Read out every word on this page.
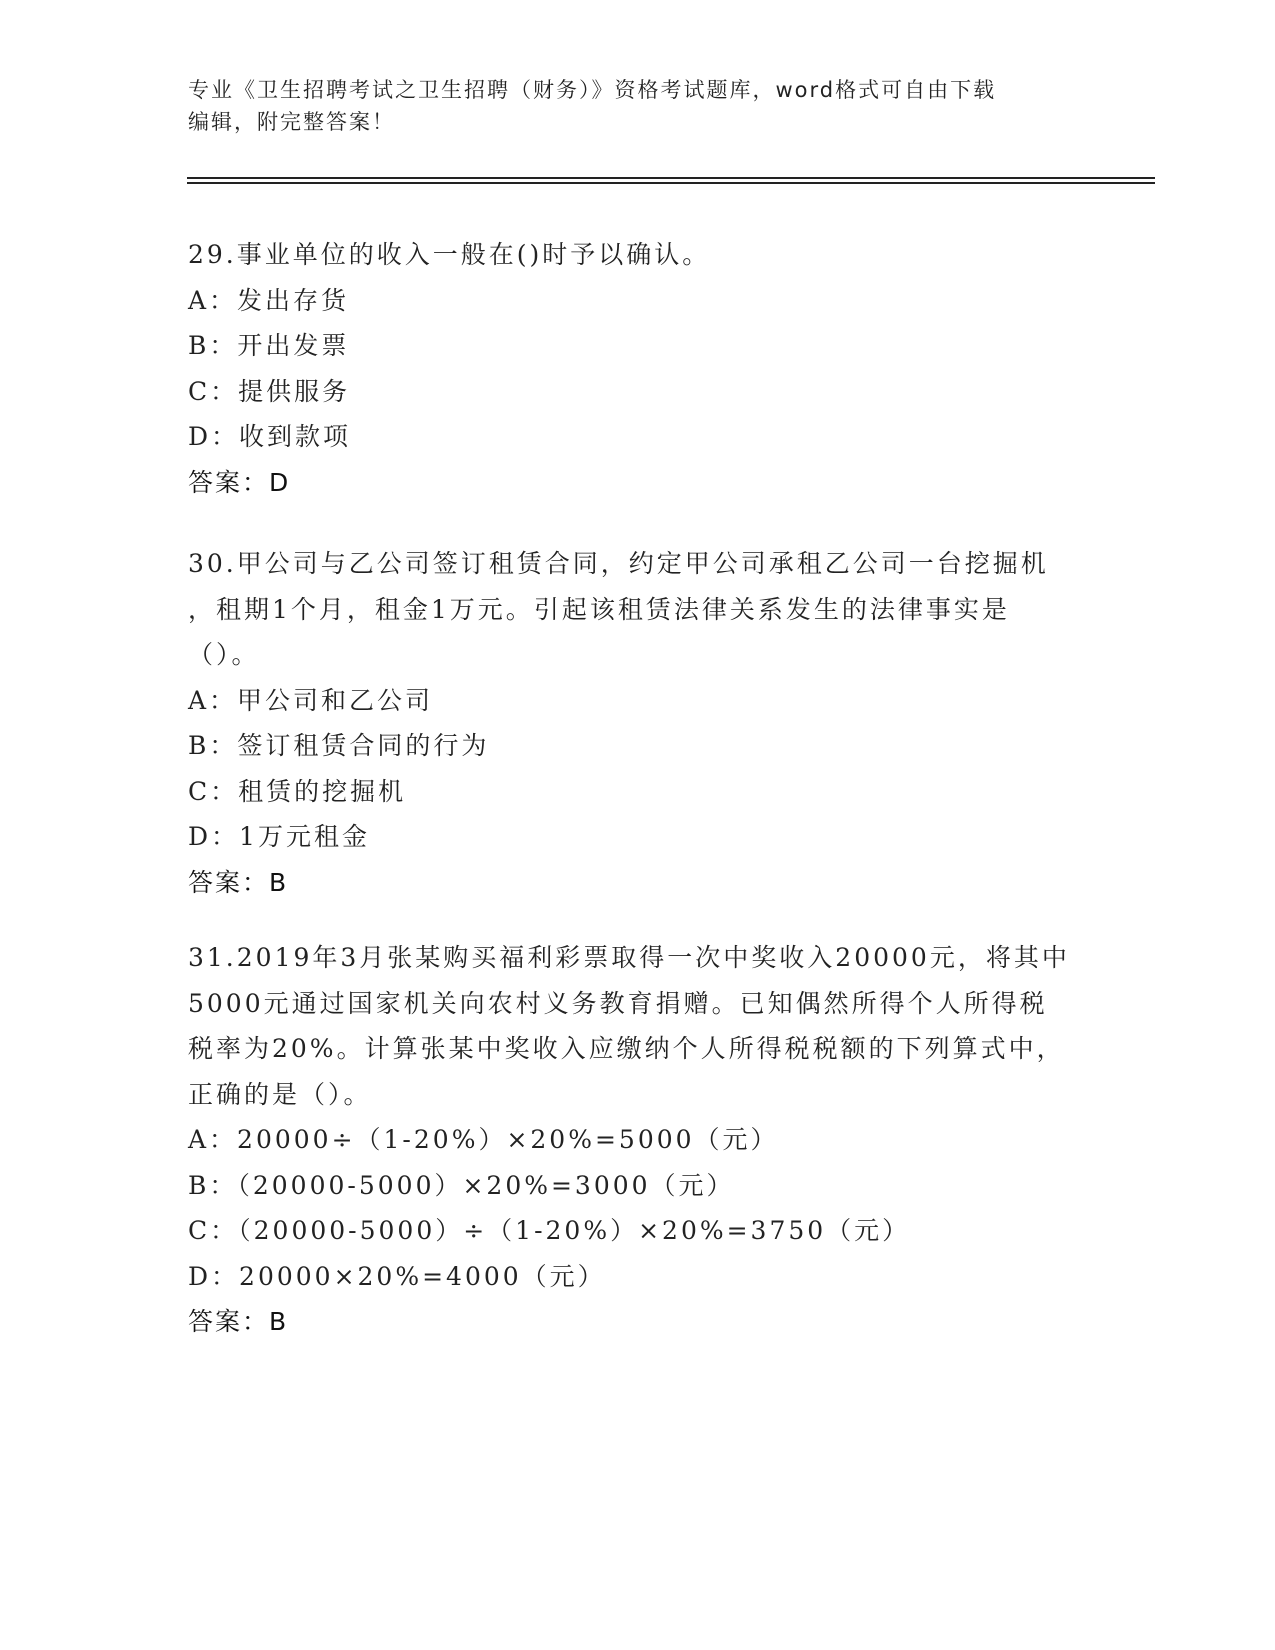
专业《卫生招聘考试之卫生招聘（财务）》资格考试题库，word格式可自由下载
编辑，附完整答案！
29.事业单位的收入一般在()时予以确认。
A：发出存货
B：开出发票
C：提供服务
D：收到款项
答案：D
30.甲公司与乙公司签订租赁合同，约定甲公司承租乙公司一台挖掘机
，租期1个月，租金1万元。引起该租赁法律关系发生的法律事实是
（）。
A：甲公司和乙公司
B：签订租赁合同的行为
C：租赁的挖掘机
D：1万元租金
答案：B
31.2019年3月张某购买福利彩票取得一次中奖收入20000元，将其中
5000元通过国家机关向农村义务教育捐赠。已知偶然所得个人所得税
税率为20%。计算张某中奖收入应缴纳个人所得税税额的下列算式中，
正确的是（）。
A：20000÷（1-20%）×20%=5000（元）
B：（20000-5000）×20%=3000（元）
C：（20000-5000）÷（1-20%）×20%=3750（元）
D：20000×20%=4000（元）
答案：B
